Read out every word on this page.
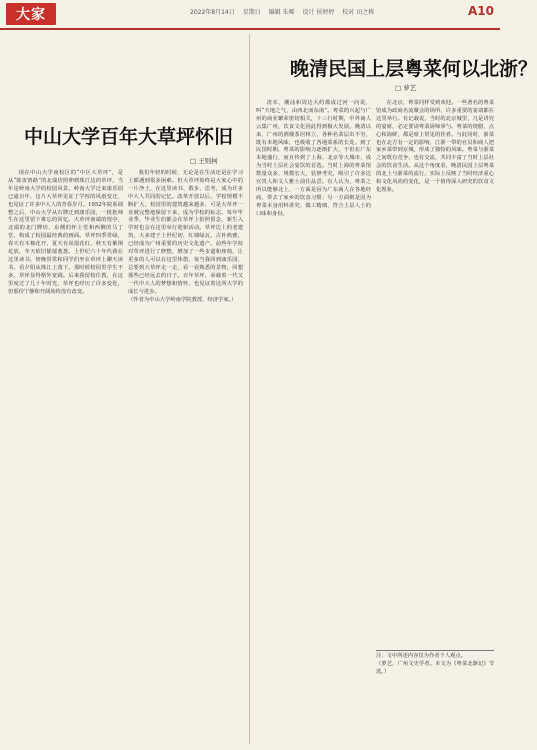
大家	2022年8月14日 星期日 编辑 朱晞 设计 侯婷婷 校对 田之栋	A10
中山大学百年大草坪怀旧
□ 王则柯

现在中山大学南校区的“中区大草坪”，是从“陈寅恪路”的北端仿照伸到珠江边的草坪，当年是岭南大学的校园风景。岭南大学迁来康乐园已逾百年，这片大草坪见证了学校的风雨变迁，也见证了许多中大人的青春岁月。1952年院系调整之后，中山大学从石牌迁到康乐园，一批批师生在这里留下难忘的回忆。大草坪南端的惺亭、北端的北门牌坊、东侧的怀士堂和西侧的马丁堂，构成了校园最经典的画面。草坪四季常绿，春天有木棉花开，夏天有凤凰花红，秋天有紫荆花放，冬天依旧郁郁葱葱。上世纪六十年代我在这里读书，傍晚常常和同学们坐在草坪上聊天读书，看夕阳从珠江上落下。那时候校园里学生不多，草坪显得格外宽阔。后来我留校任教，在这里度过了几十年时光，草坪也经历了许多变化，但那份宁静和开阔始终没有改变。

我们年轻的时候，无论是在生活还是在学习上都遇到很多困难。但大草坪始终是大家心中的一片净土，在这里读书、散步、思考，成为许多中大人共同的记忆。改革开放以后，学校规模不断扩大，校园里的建筑越来越多，可是大草坪一直被完整地保留下来，成为学校的标志。每年毕业季，毕业生们都会在草坪上拍照留念，新生入学时也会在这里举行迎新活动。草坪边上的老建筑，大多建于上世纪初，红墙绿瓦，古朴典雅，已经成为广州重要的历史文化遗产。前些年学校对草坪进行了修整，增加了一些步道和座椅，让更多的人可以在这里休憩。每当我回到康乐园，总要到大草坪走一走，看一看熟悉的景物，回想那些已经远去的日子。百年草坪，承载着一代又一代中大人的梦想和情怀，也见证着这所大学的成长与进步。

（作者为中山大学岭南学院教授、经济学家。）

晚清民国上层粤菜何以北浙？
□ 萝艺

清末，潮汕和周边大约都成过河一向说，叫“天地之气，由西北而东南”。粤菜的兴起与广州的商业繁荣密切相关，十三行时期，中外商人云集广州，饮食文化因此得到极大发展。晚清以来，广州的酒楼茶居林立，各种名菜层出不穷，既有本地风味，也吸收了各地菜系的长处。到了民国时期，粤菜的影响力逐渐扩大，不但在广东本地盛行，而且传到了上海、北京等大城市，成为当时上层社会宴饮的首选。当时上海的粤菜馆数量众多，规模宏大，装修考究，吸引了许多达官贵人和文人雅士前往品尝。有人认为，粤菜之所以能够北上，一方面是因为广东商人在各地经商，带去了家乡的饮食习惯；另一方面则是因为粤菜本身用料讲究、做工精细，符合上层人士的口味和身份。

在北京，粤菜同样受到欢迎。一些著名的粤菜馆成为政商名流聚会的场所，许多重要的宴请都在这里举行。有记载说，当时的北京城里，凡是讲究的宴席，必定要请粤菜厨师掌勺。粤菜的烧腊、点心和海鲜，都是席上常见的佳肴。与此同时，浙菜也在北方有一定的影响，江浙一带的官员和商人把家乡菜带到京城，形成了独特的风味。粤菜与浙菜之间既有竞争，也有交流，共同丰富了当时上层社会的饮食生活。从这个角度看，晚清民国上层粤菜的北上与浙菜的流行，实际上反映了当时经济重心和文化风尚的变化，是一个值得深入研究的饮食文化现象。

注：文中所述内容仅为作者个人观点。

（萝艺，广州文史学者。本文为《粤菜北渐记》节选。）
